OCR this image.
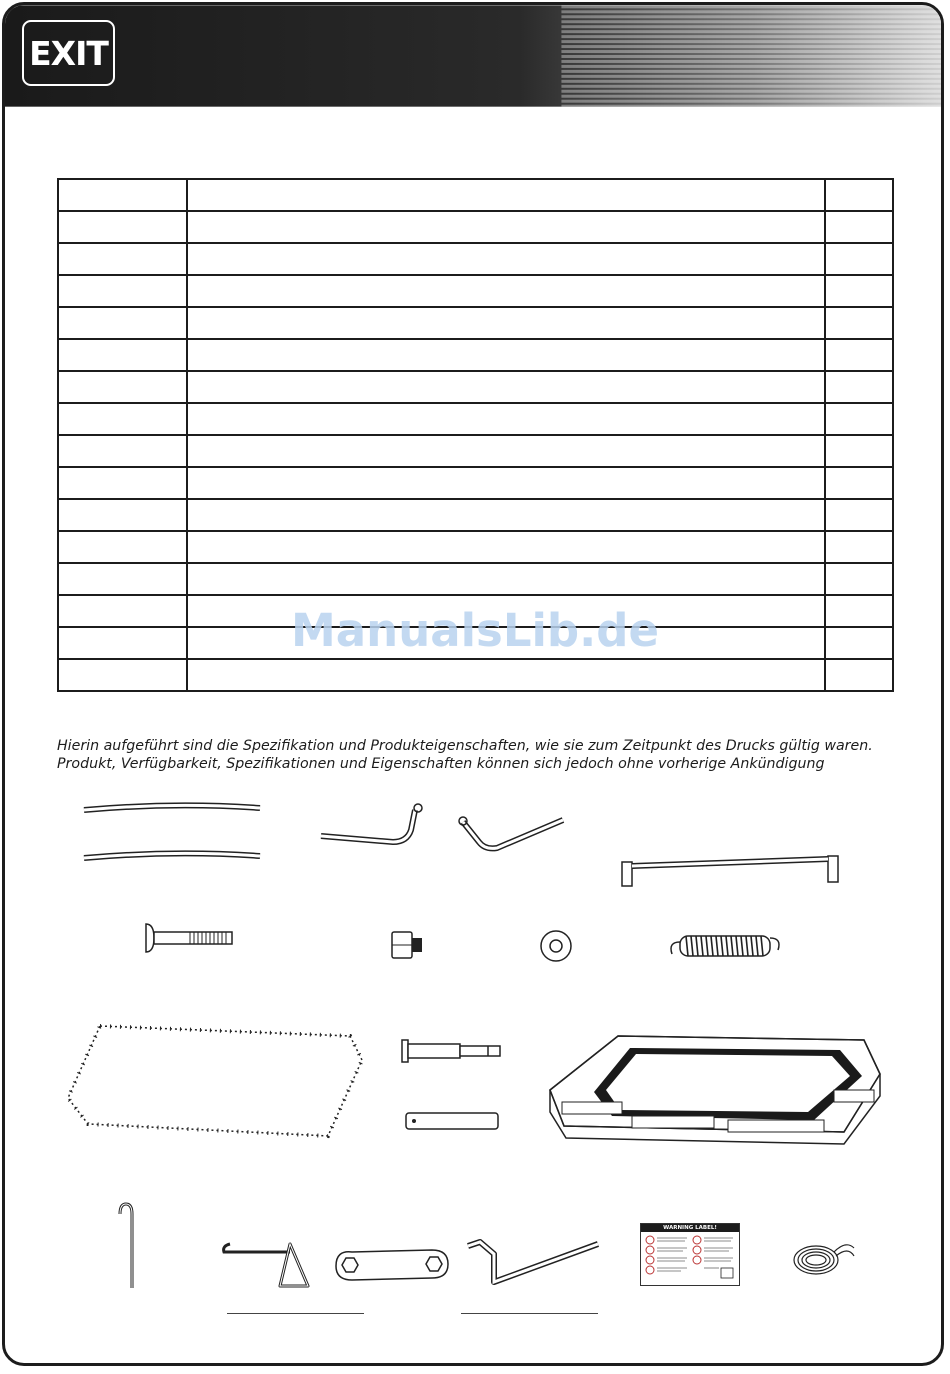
EXIT

ManualsLib.de
Hierin aufgeführt sind die Spezifikation und Produkteigenschaften, wie sie zum Zeitpunkt des Drucks gültig waren.
Produkt, Verfügbarkeit, Spezifikationen und Eigenschaften können sich jedoch ohne vorherige Ankündigung
WARNING LABEL!
